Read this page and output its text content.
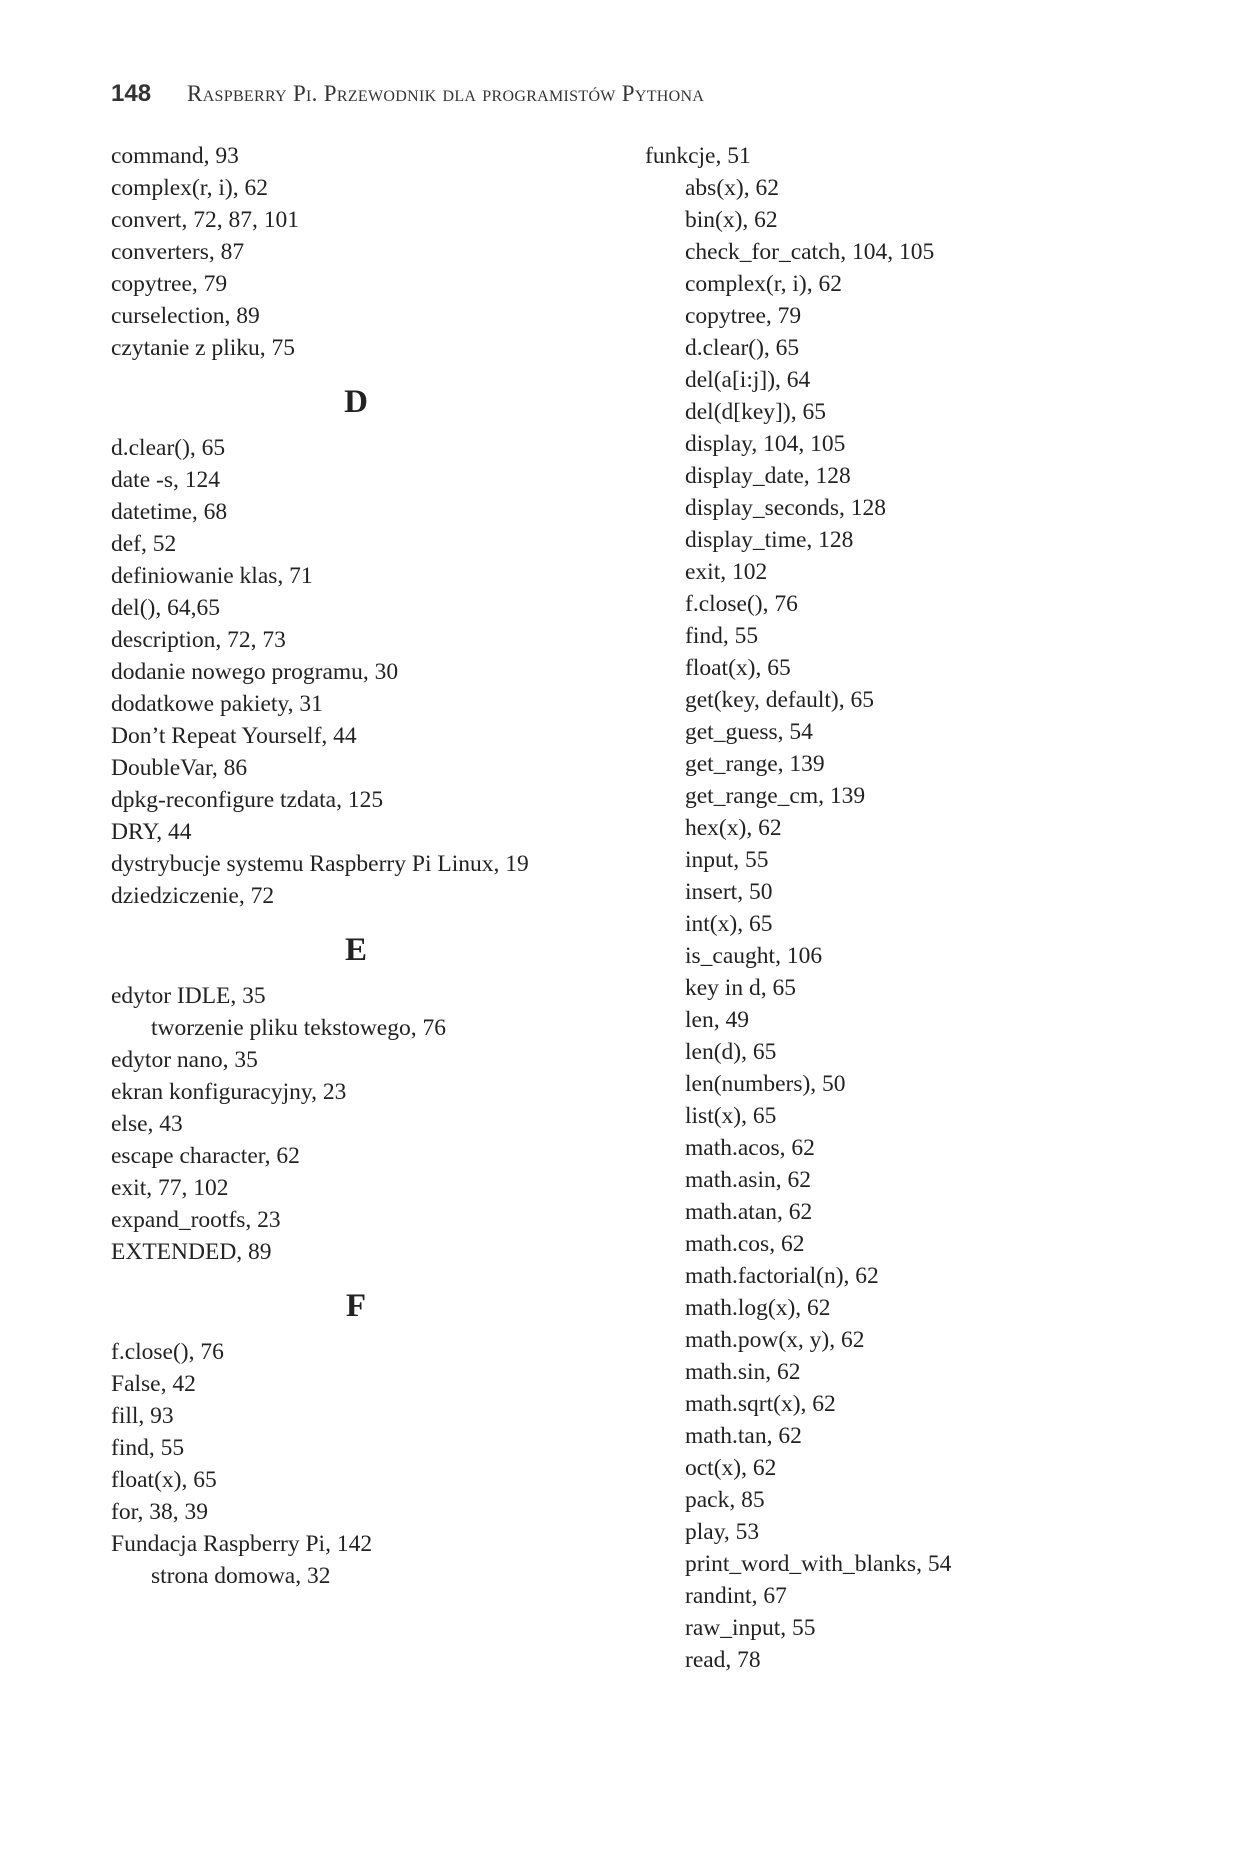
148 Raspberry Pi. Przewodnik dla programistów Pythona
command, 93
complex(r, i), 62
convert, 72, 87, 101
converters, 87
copytree, 79
curselection, 89
czytanie z pliku, 75
D
d.clear(), 65
date -s, 124
datetime, 68
def, 52
definiowanie klas, 71
del(), 64,65
description, 72, 73
dodanie nowego programu, 30
dodatkowe pakiety, 31
Don’t Repeat Yourself, 44
DoubleVar, 86
dpkg-reconfigure tzdata, 125
DRY, 44
dystrybucje systemu Raspberry Pi Linux, 19
dziedziczenie, 72
E
edytor IDLE, 35
tworzenie pliku tekstowego, 76
edytor nano, 35
ekran konfiguracyjny, 23
else, 43
escape character, 62
exit, 77, 102
expand_rootfs, 23
EXTENDED, 89
F
f.close(), 76
False, 42
fill, 93
find, 55
float(x), 65
for, 38, 39
Fundacja Raspberry Pi, 142
strona domowa, 32
funkcje, 51
abs(x), 62
bin(x), 62
check_for_catch, 104, 105
complex(r, i), 62
copytree, 79
d.clear(), 65
del(a[i:j]), 64
del(d[key]), 65
display, 104, 105
display_date, 128
display_seconds, 128
display_time, 128
exit, 102
f.close(), 76
find, 55
float(x), 65
get(key, default), 65
get_guess, 54
get_range, 139
get_range_cm, 139
hex(x), 62
input, 55
insert, 50
int(x), 65
is_caught, 106
key in d, 65
len, 49
len(d), 65
len(numbers), 50
list(x), 65
math.acos, 62
math.asin, 62
math.atan, 62
math.cos, 62
math.factorial(n), 62
math.log(x), 62
math.pow(x, y), 62
math.sin, 62
math.sqrt(x), 62
math.tan, 62
oct(x), 62
pack, 85
play, 53
print_word_with_blanks, 54
randint, 67
raw_input, 55
read, 78
